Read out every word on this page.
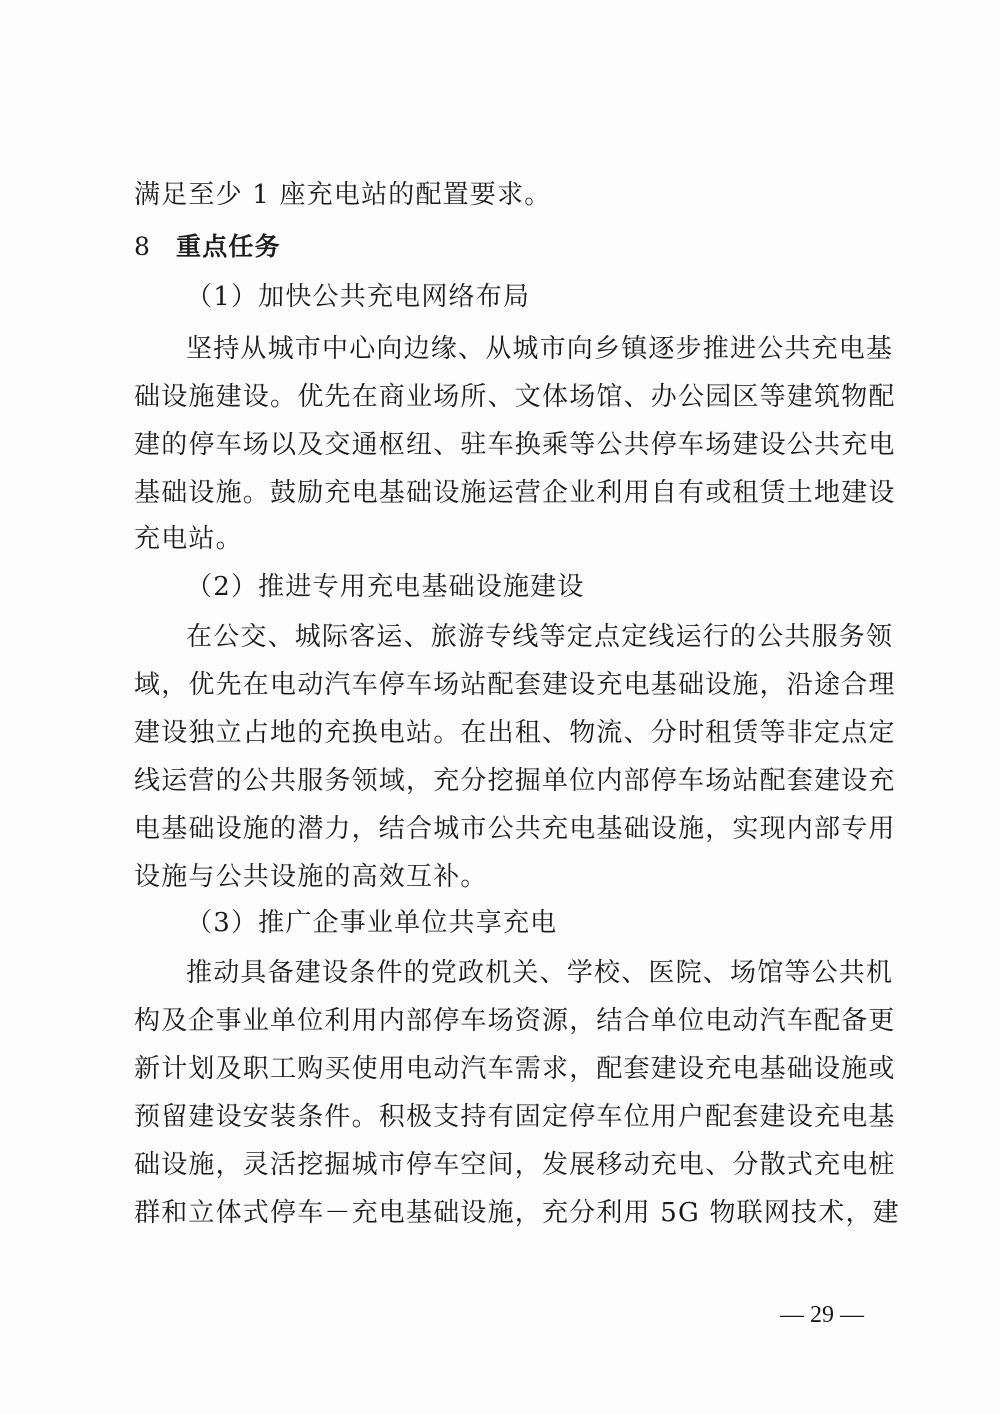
满足至少 1 座充电站的配置要求。
8 重点任务
（1）加快公共充电网络布局
坚持从城市中心向边缘、从城市向乡镇逐步推进公共充电基
础设施建设。优先在商业场所、文体场馆、办公园区等建筑物配
建的停车场以及交通枢纽、驻车换乘等公共停车场建设公共充电
基础设施。鼓励充电基础设施运营企业利用自有或租赁土地建设
充电站。
（2）推进专用充电基础设施建设
在公交、城际客运、旅游专线等定点定线运行的公共服务领
域，优先在电动汽车停车场站配套建设充电基础设施，沿途合理
建设独立占地的充换电站。在出租、物流、分时租赁等非定点定
线运营的公共服务领域，充分挖掘单位内部停车场站配套建设充
电基础设施的潜力，结合城市公共充电基础设施，实现内部专用
设施与公共设施的高效互补。
（3）推广企事业单位共享充电
推动具备建设条件的党政机关、学校、医院、场馆等公共机
构及企事业单位利用内部停车场资源，结合单位电动汽车配备更
新计划及职工购买使用电动汽车需求，配套建设充电基础设施或
预留建设安装条件。积极支持有固定停车位用户配套建设充电基
础设施，灵活挖掘城市停车空间，发展移动充电、分散式充电桩
群和立体式停车－充电基础设施，充分利用 5G 物联网技术，建
— 29 —
